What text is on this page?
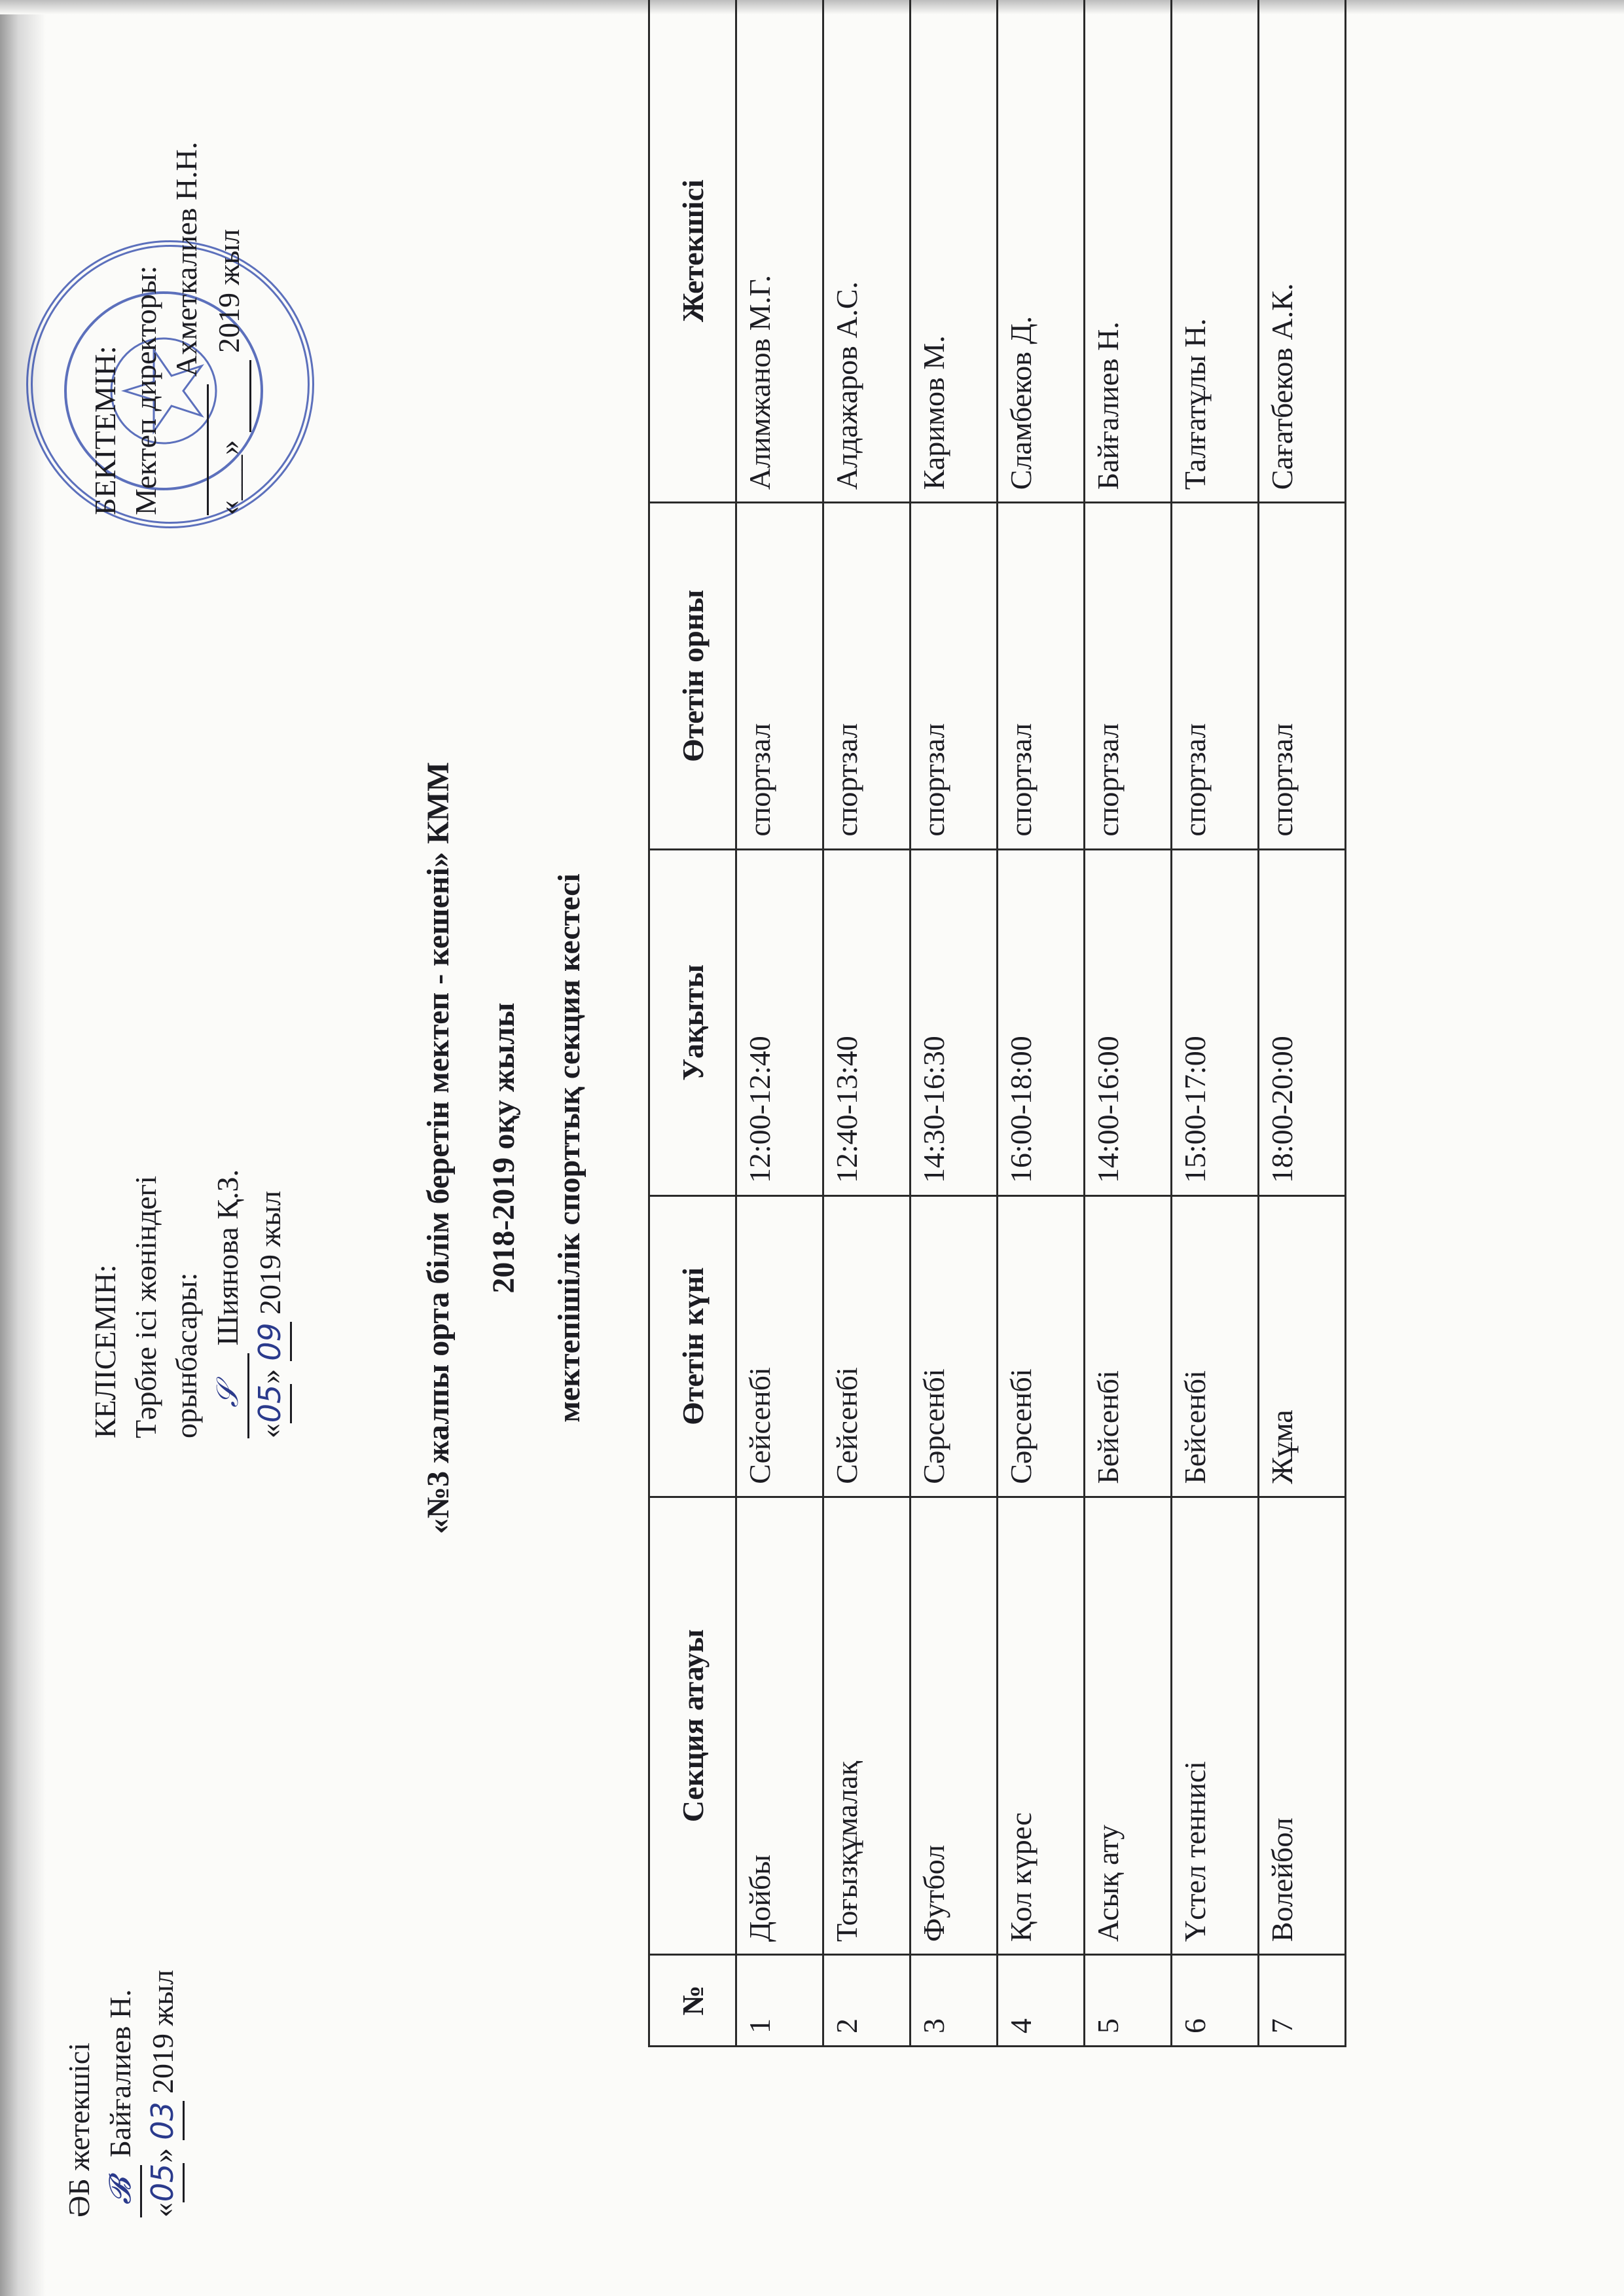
ӘБ жетекшісі 𝓑 Байғалиев Н.
«05» 03 2019 жыл
КЕЛІСЕМІН: Тәрбие ісі жөніндегі орынбасары: 𝒮 Шиянова Қ.З.
«05» 09 2019 жыл
БЕКІТЕМІН: Мектеп директоры:
Ахметкалиев Н.Н.
«___»   2019 жыл
«№3 жалпы орта білім беретін мектеп - кешені» КММ 2018-2019 оқу жылы мектепішілік спорттық секция кестесі
№	Секция атауы	Өтетін күні	Уақыты	Өтетін орны	Жетекшісі
1	Дойбы	Сейсенбі	12:00-12:40	спортзал	Алимжанов М.Г.
2	Тоғызқұмалақ	Сейсенбі	12:40-13:40	спортзал	Алдажаров А.С.
3	Футбол	Сәрсенбі	14:30-16:30	спортзал	Каримов М.
4	Қол күрес	Сәрсенбі	16:00-18:00	спортзал	Сламбеков Д.
5	Асық ату	Бейсенбі	14:00-16:00	спортзал	Байғалиев Н.
6	Үстел теннисі	Бейсенбі	15:00-17:00	спортзал	Талғатұлы Н.
7	Волейбол	Жұма	18:00-20:00	спортзал	Сағатбеков А.К.
